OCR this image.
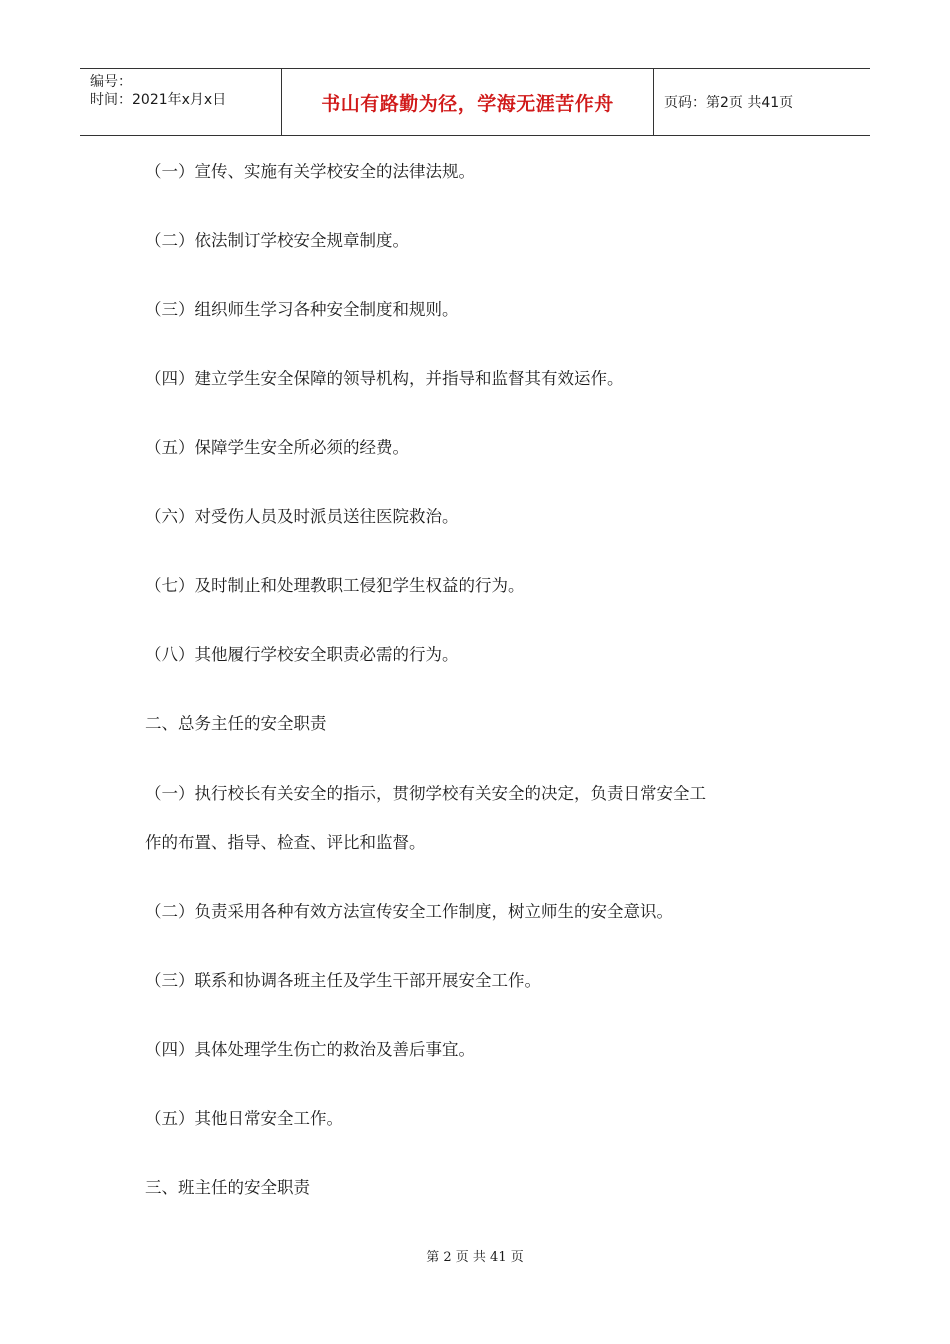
编号：
时间：2021年x月x日	书山有路勤为径，学海无涯苦作舟	页码：第2页 共41页
（一）宣传、实施有关学校安全的法律法规。
（二）依法制订学校安全规章制度。
（三）组织师生学习各种安全制度和规则。
（四）建立学生安全保障的领导机构，并指导和监督其有效运作。
（五）保障学生安全所必须的经费。
（六）对受伤人员及时派员送往医院救治。
（七）及时制止和处理教职工侵犯学生权益的行为。
（八）其他履行学校安全职责必需的行为。
二、总务主任的安全职责
（一）执行校长有关安全的指示，贯彻学校有关安全的决定，负责日常安全工
作的布置、指导、检查、评比和监督。
（二）负责采用各种有效方法宣传安全工作制度，树立师生的安全意识。
（三）联系和协调各班主任及学生干部开展安全工作。
（四）具体处理学生伤亡的救治及善后事宜。
（五）其他日常安全工作。
三、班主任的安全职责
第 2 页 共 41 页
